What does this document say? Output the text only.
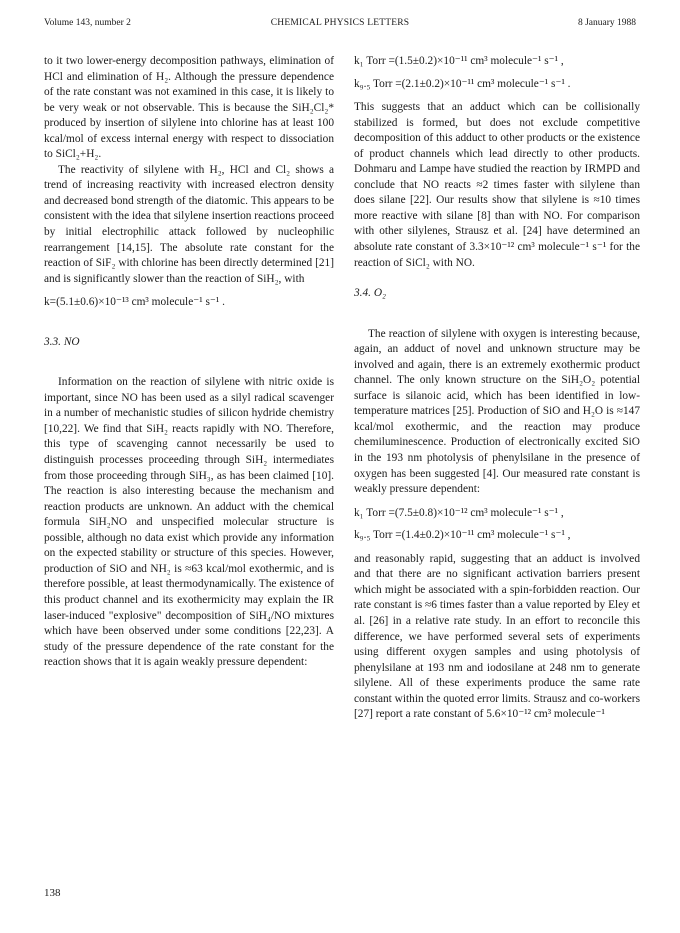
Volume 143, number 2	CHEMICAL PHYSICS LETTERS	8 January 1988

to it two lower-energy decomposition pathways, elimination of HCl and elimination of H₂. Although the pressure dependence of the rate constant was not examined in this case, it is likely to be very weak or not observable. This is because the SiH₂Cl₂* produced by insertion of silylene into chlorine has at least 100 kcal/mol of excess internal energy with respect to dissociation to SiCl₂+H₂.

The reactivity of silylene with H₂, HCl and Cl₂ shows a trend of increasing reactivity with increased electron density and decreased bond strength of the diatomic. This appears to be consistent with the idea that silylene insertion reactions proceed by initial electrophilic attack followed by nucleophilic rearrangement [14,15]. The absolute rate constant for the reaction of SiF₂ with chlorine has been directly determined [21] and is significantly slower than the reaction of SiH₂, with

k=(5.1±0.6)×10⁻¹³ cm³ molecule⁻¹ s⁻¹ .

3.3. NO

Information on the reaction of silylene with nitric oxide is important, since NO has been used as a silyl radical scavenger in a number of mechanistic studies of silicon hydride chemistry [10,22]. We find that SiH₂ reacts rapidly with NO. Therefore, this type of scavenging cannot necessarily be used to distinguish processes proceeding through SiH₂ intermediates from those proceeding through SiH₃, as has been claimed [10]. The reaction is also interesting because the mechanism and reaction products are unknown. An adduct with the chemical formula SiH₂NO and unspecified molecular structure is possible, although no data exist which provide any information on the expected stability or structure of this species. However, production of SiO and NH₂ is ≈63 kcal/mol exothermic, and is therefore possible, at least thermodynamically. The existence of this product channel and its exothermicity may explain the IR laser-induced "explosive" decomposition of SiH₄/NO mixtures which have been observed under some conditions [22,23]. A study of the pressure dependence of the rate constant for the reaction shows that it is again weakly pressure dependent:

k₁ Torr =(1.5±0.2)×10⁻¹¹ cm³ molecule⁻¹ s⁻¹ ,

k₉.₅ Torr =(2.1±0.2)×10⁻¹¹ cm³ molecule⁻¹ s⁻¹ .

This suggests that an adduct which can be collisionally stabilized is formed, but does not exclude competitive decomposition of this adduct to other products or the existence of product channels which lead directly to other products. Dohmaru and Lampe have studied the reaction by IRMPD and conclude that NO reacts ≈2 times faster with silylene than does silane [22]. Our results show that silylene is ≈10 times more reactive with silane [8] than with NO. For comparison with other silylenes, Strausz et al. [24] have determined an absolute rate constant of 3.3×10⁻¹² cm³ molecule⁻¹ s⁻¹ for the reaction of SiCl₂ with NO.

3.4. O₂

The reaction of silylene with oxygen is interesting because, again, an adduct of novel and unknown structure may be involved and again, there is an extremely exothermic product channel. The only known structure on the SiH₂O₂ potential surface is silanoic acid, which has been identified in low-temperature matrices [25]. Production of SiO and H₂O is ≈147 kcal/mol exothermic, and the reaction may produce chemiluminescence. Production of electronically excited SiO in the 193 nm photolysis of phenylsilane in the presence of oxygen has been suggested [4]. Our measured rate constant is weakly pressure dependent:

k₁ Torr =(7.5±0.8)×10⁻¹² cm³ molecule⁻¹ s⁻¹ ,

k₉.₅ Torr =(1.4±0.2)×10⁻¹¹ cm³ molecule⁻¹ s⁻¹ ,

and reasonably rapid, suggesting that an adduct is involved and that there are no significant activation barriers present which might be associated with a spin-forbidden reaction. Our rate constant is ≈6 times faster than a value reported by Eley et al. [26] in a relative rate study. In an effort to reconcile this difference, we have performed several sets of experiments using different oxygen samples and using photolysis of phenylsilane at 193 nm and iodosilane at 248 nm to generate silylene. All of these experiments produce the same rate constant within the quoted error limits. Strausz and co-workers [27] report a rate constant of 5.6×10⁻¹² cm³ molecule⁻¹

138
